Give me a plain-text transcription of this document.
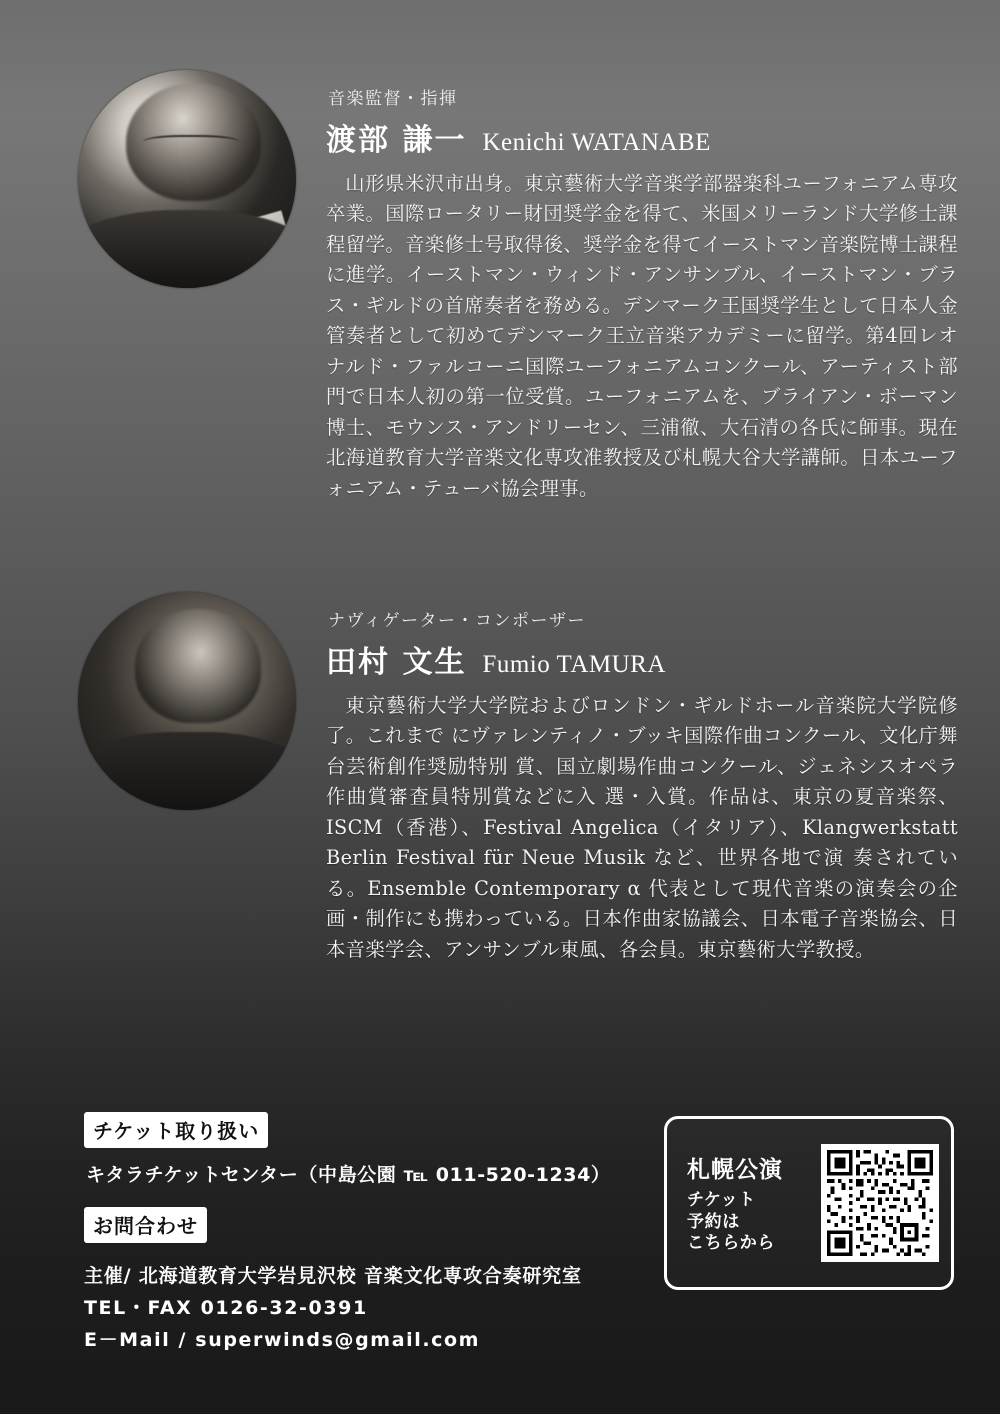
音楽監督・指揮
渡部 謙一 Kenichi WATANABE
山形県米沢市出身。東京藝術大学音楽学部器楽科ユーフォニアム専攻卒業。国際ロータリー財団奨学金を得て、米国メリーランド大学修士課程留学。音楽修士号取得後、奨学金を得てイーストマン音楽院博士課程に進学。イーストマン・ウィンド・アンサンブル、イーストマン・ブラス・ギルドの首席奏者を務める。デンマーク王国奨学生として日本人金管奏者として初めてデンマーク王立音楽アカデミーに留学。第4回レオナルド・ファルコーニ国際ユーフォニアムコンクール、アーティスト部門で日本人初の第一位受賞。ユーフォニアムを、ブライアン・ボーマン博士、モウンス・アンドリーセン、三浦徹、大石清の各氏に師事。現在北海道教育大学音楽文化専攻准教授及び札幌大谷大学講師。日本ユーフォニアム・テューバ協会理事。
ナヴィゲーター・コンポーザー
田村 文生 Fumio TAMURA
東京藝術大学大学院およびロンドン・ギルドホール音楽院大学院修了。これまで にヴァレンティノ・ブッキ国際作曲コンクール、文化庁舞台芸術創作奨励特別 賞、国立劇場作曲コンクール、ジェネシスオペラ作曲賞審査員特別賞などに入 選・入賞。作品は、東京の夏音楽祭、ISCM（香港）、Festival Angelica（イタリア）、Klangwerkstatt Berlin Festival für Neue Musik など、世界各地で演 奏されている。Ensemble Contemporary α 代表として現代音楽の演奏会の企画・制作にも携わっている。日本作曲家協議会、日本電子音楽協会、日本音楽学会、アンサンブル東風、各会員。東京藝術大学教授。
チケット取り扱い
キタラチケットセンター（中島公園 ℡ 011-520-1234）
お問合わせ
主催/ 北海道教育大学岩見沢校 音楽文化専攻合奏研究室
TEL・FAX 0126-32-0391
E－Mail / superwinds@gmail.com
札幌公演
チケット
予約は
こちらから
